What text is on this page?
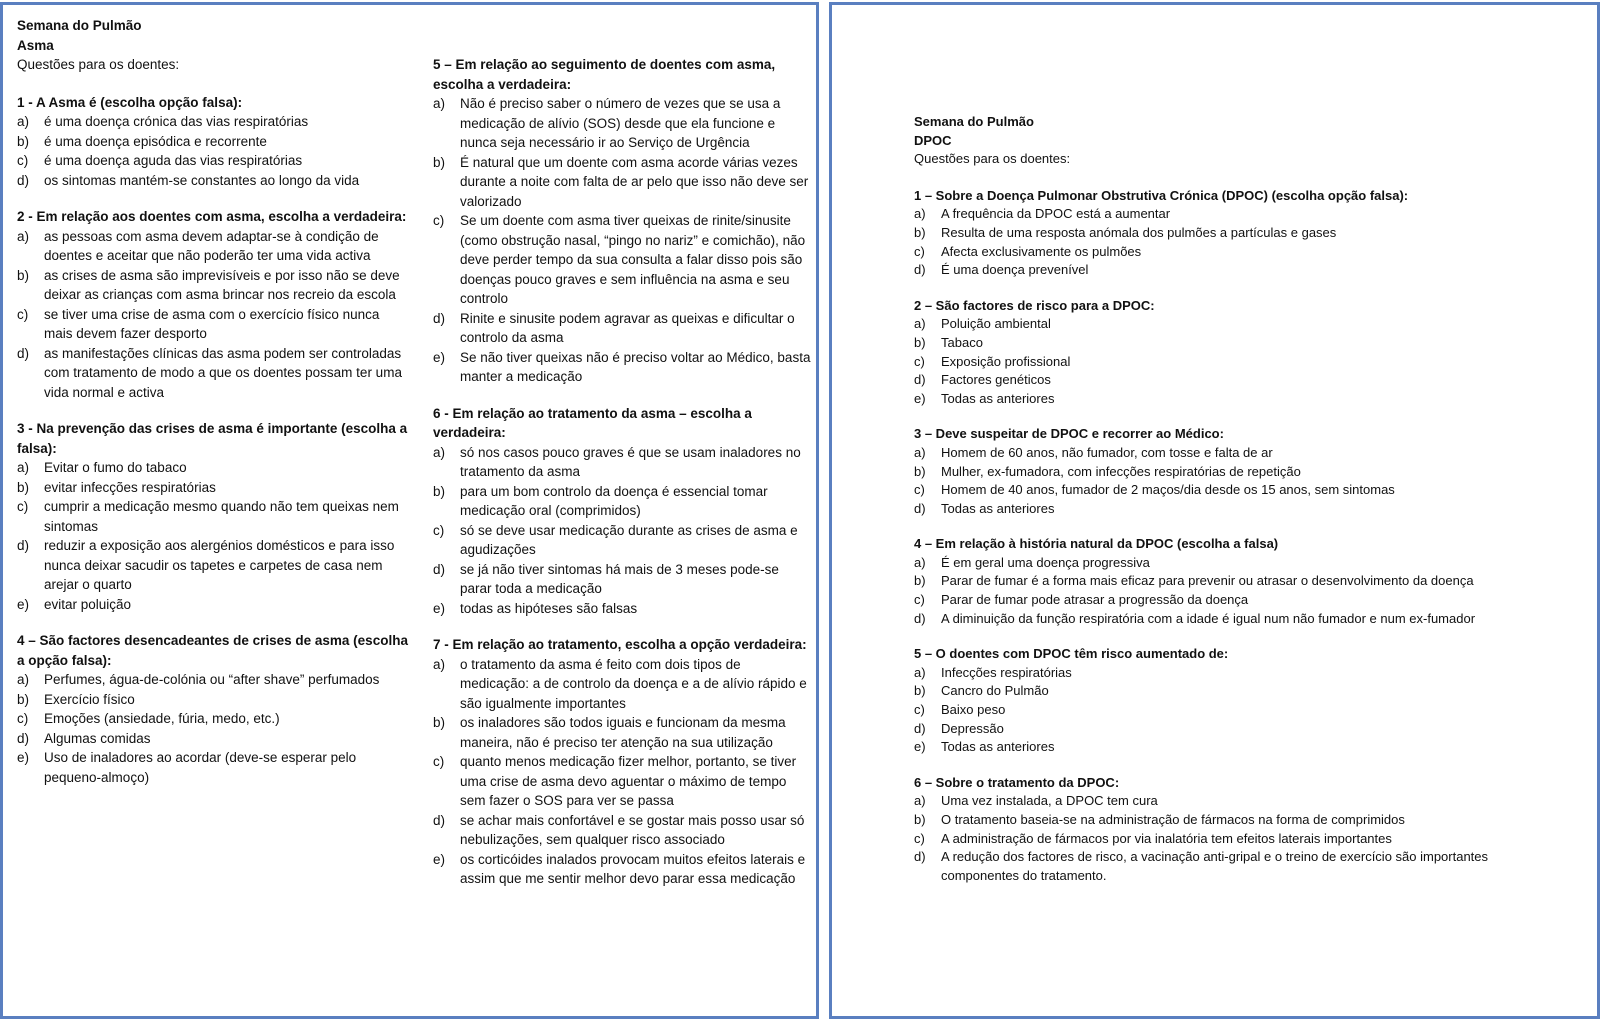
Semana do Pulmão
Asma
Questões para os doentes:
1 - A Asma é (escolha opção falsa):
a)	é uma doença crónica das vias respiratórias
b)	é uma doença episódica e recorrente
c)	é uma doença aguda das vias respiratórias
d)	os sintomas mantém-se constantes ao longo da vida
2 - Em relação aos doentes com asma, escolha a verdadeira:
a)	as pessoas com asma devem adaptar-se à condição de doentes e aceitar que não poderão ter uma vida activa
b)	as crises de asma são imprevisíveis e por isso não se deve deixar as crianças com asma brincar nos recreio da escola
c)	se tiver uma crise de asma com o exercício físico nunca mais devem fazer desporto
d)	as manifestações clínicas das asma podem ser controladas com tratamento de modo a que os doentes possam ter uma vida normal e activa
3 - Na prevenção das crises de asma é importante (escolha a falsa):
a)	Evitar o fumo do tabaco
b)	evitar infecções respiratórias
c)	cumprir a medicação mesmo quando não tem queixas nem sintomas
d)	reduzir a exposição aos alergénios domésticos e para isso nunca deixar sacudir os tapetes e carpetes de casa nem arejar o quarto
e)	evitar poluição
4 – São factores desencadeantes de crises de asma (escolha a opção falsa):
a)	Perfumes, água-de-colónia ou “after shave” perfumados
b)	Exercício físico
c)	Emoções (ansiedade, fúria, medo, etc.)
d)	Algumas comidas
e)	Uso de inaladores ao acordar (deve-se esperar pelo pequeno-almoço)
5 – Em relação ao seguimento de doentes com asma, escolha a verdadeira:
a)	Não é preciso saber o número de vezes que se usa a medicação de alívio (SOS) desde que ela funcione e nunca seja necessário ir ao Serviço de Urgência
b)	É natural que um doente com asma acorde várias vezes durante a noite com falta de ar pelo que isso não deve ser valorizado
c)	Se um doente com asma tiver queixas de rinite/sinusite (como obstrução nasal, “pingo no nariz” e comichão), não deve perder tempo da sua consulta a falar disso pois são doenças pouco graves e sem influência na asma e seu controlo
d)	Rinite e sinusite podem agravar as queixas e dificultar o controlo da asma
e)	Se não tiver queixas não é preciso voltar ao Médico, basta manter a medicação
6 - Em relação ao tratamento da asma – escolha a verdadeira:
a)	só nos casos pouco graves é que se usam inaladores no tratamento da asma
b)	para um bom controlo da doença é essencial tomar medicação oral (comprimidos)
c)	só se deve usar medicação durante as crises de asma e agudizações
d)	se já não tiver sintomas há mais de 3 meses pode-se parar toda a medicação
e)	todas as hipóteses são falsas
7 - Em relação ao tratamento, escolha a opção verdadeira:
a)	o tratamento da asma é feito com dois tipos de medicação: a de controlo da doença e a de alívio rápido e são igualmente importantes
b)	os inaladores são todos iguais e funcionam da mesma maneira, não é preciso ter atenção na sua utilização
c)	quanto menos medicação fizer melhor, portanto, se tiver uma crise de asma devo aguentar o máximo de tempo sem fazer o SOS para ver se passa
d)	se achar mais confortável e se gostar mais posso usar só nebulizações, sem qualquer risco associado
e)	os corticóides inalados provocam muitos efeitos laterais e assim que me sentir melhor devo parar essa medicação
Semana do Pulmão
DPOC
Questões para os doentes:
1 – Sobre a Doença Pulmonar Obstrutiva Crónica (DPOC) (escolha opção falsa):
a)	A frequência da DPOC está a aumentar
b)	Resulta de uma resposta anómala dos pulmões a partículas e gases
c)	Afecta exclusivamente os pulmões
d)	É uma doença prevenível
2 – São factores de risco para a DPOC:
a)	Poluição ambiental
b)	Tabaco
c)	Exposição profissional
d)	Factores genéticos
e)	Todas as anteriores
3 – Deve suspeitar de DPOC e recorrer ao Médico:
a)	Homem de 60 anos, não fumador, com tosse e falta de ar
b)	Mulher, ex-fumadora, com infecções respiratórias de repetição
c)	Homem de 40 anos, fumador de 2 maços/dia desde os 15 anos, sem sintomas
d)	Todas as anteriores
4 – Em relação à história natural da DPOC (escolha a falsa)
a)	É em geral uma doença progressiva
b)	Parar de fumar é a forma mais eficaz para prevenir ou atrasar o desenvolvimento da doença
c)	Parar de fumar pode atrasar a progressão da doença
d)	A diminuição da função respiratória com a idade é igual num não fumador e num ex-fumador
5 – O doentes com DPOC têm risco aumentado de:
a)	Infecções respiratórias
b)	Cancro do Pulmão
c)	Baixo peso
d)	Depressão
e)	Todas as anteriores
6 – Sobre o tratamento da DPOC:
a)	Uma vez instalada, a DPOC tem cura
b)	O tratamento baseia-se na administração de fármacos na forma de comprimidos
c)	A administração de fármacos por via inalatória tem efeitos laterais importantes
d)	A redução dos factores de risco, a vacinação anti-gripal e o treino de exercício são importantes componentes do tratamento.
